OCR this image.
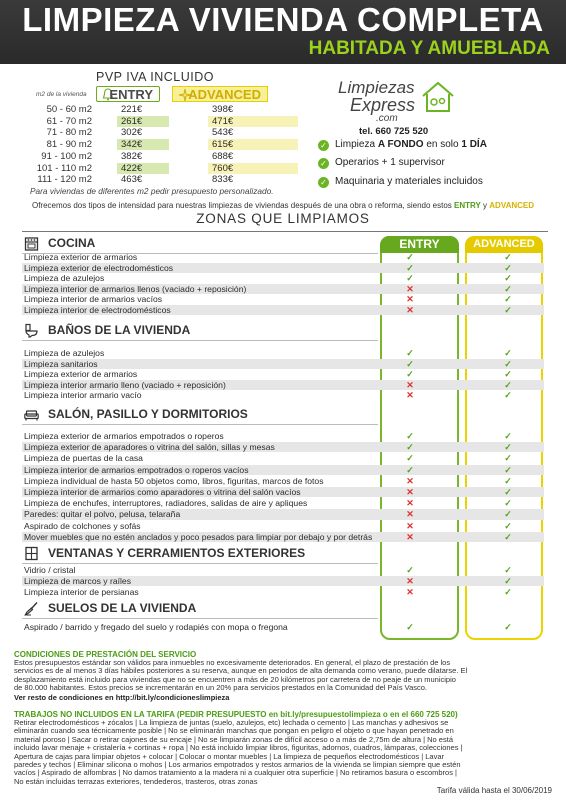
LIMPIEZA VIVIENDA COMPLETA
HABITADA Y AMUEBLADA
PVP IVA INCLUIDO
m2 de la vivienda ENTRY	ADVANCED
50 - 60 m2	221€	398€
61 - 70 m2	261€	471€
71 - 80 m2	302€	543€
81 - 90 m2	342€	615€
91 - 100 m2	382€	688€
101 - 110 m2	422€	760€
111 - 120 m2	463€	833€
Para viviendas de diferentes m2 pedir presupuesto personalizado.
Limpiezas
Express
.com
tel. 660 725 520
✓ Limpieza A FONDO en solo 1 DÍA
✓ Operarios + 1 supervisor
✓ Maquinaria y materiales incluidos
Ofrecemos dos tipos de intensidad para nuestras limpiezas de viviendas después de una obra o reforma, siendo estos ENTRY y ADVANCED
ZONAS QUE LIMPIAMOS
ENTRY	ADVANCED
COCINA
Limpieza exterior de armarios	✓	✓
Limpieza exterior de electrodomésticos	✓	✓
Limpieza de azulejos	✓	✓
Limpieza interior de armarios llenos (vaciado + reposición)	✕	✓
Limpieza interior de armarios vacíos	✕	✓
Limpieza interior de electrodomésticos	✕	✓
BAÑOS DE LA VIVIENDA
Limpieza de azulejos	✓	✓
Limpieza sanitarios	✓	✓
Limpieza exterior de armarios	✓	✓
Limpieza interior armario lleno (vaciado + reposición)	✕	✓
Limpieza interior armario vacío	✕	✓
SALÓN, PASILLO Y DORMITORIOS
Limpieza exterior de armarios empotrados o roperos	✓	✓
Limpieza exterior de aparadores o vitrina del salón, sillas y mesas	✓	✓
Limpieza de puertas de la casa	✓	✓
Limpieza interior de armarios empotrados o roperos vacíos	✓	✓
Limpieza individual de hasta 50 objetos como, libros, figuritas, marcos de fotos	✕	✓
Limpieza interior de armarios como aparadores o vitrina del salón vacíos	✕	✓
Limpieza de enchufes, interruptores, radiadores, salidas de aire y apliques	✕	✓
Paredes: quitar el polvo, pelusa, telaraña	✕	✓
Aspirado de colchones y sofás	✕	✓
Mover muebles que no estén anclados y poco pesados para limpiar por debajo y por detrás	✕	✓
VENTANAS Y CERRAMIENTOS EXTERIORES
Vidrio / cristal	✓	✓
Limpieza de marcos y raíles	✕	✓
Limpieza interior de persianas	✕	✓
SUELOS DE LA VIVIENDA
Aspirado / barrido y fregado del suelo y rodapiés con mopa o fregona	✓	✓
CONDICIONES DE PRESTACIÓN DEL SERVICIO
Estos presupuestos estándar son válidos para inmuebles no excesivamente deteriorados. En general, el plazo de prestación de los
servicios es de al menos 3 días hábiles posteriores a su reserva, aunque en periodos de alta demanda como verano, puede dilatarse. El
desplazamiento está incluido para viviendas que no se encuentren a más de 20 kilómetros por carretera de no peaje de un municipio
de 80.000 habitantes. Estos precios se incrementarán en un 20% para servicios prestados en la Comunidad del País Vasco.
Ver resto de condiciones en http://bit.ly/condicioneslimpieza
TRABAJOS NO INCLUIDOS EN LA TARIFA (PEDIR PRESUPUESTO en bit.ly/presupuestolimpieza o en el 660 725 520)
Retirar electrodomésticos + zócalos | La limpieza de juntas (suelo, azulejos, etc) lechada o cemento | Las manchas y adhesivos se
eliminarán cuando sea técnicamente posible | No se eliminarán manchas que pongan en peligro el objeto o que hayan penetrado en
material poroso | Sacar o retirar cajones de su encaje | No se limpiarán zonas de difícil acceso o a más de 2,75m de altura | No está
incluido lavar menaje + cristalería + cortinas + ropa | No está incluido limpiar libros, figuritas, adornos, cuadros, lámparas, colecciones |
Apertura de cajas para limpiar objetos + colocar | Colocar o montar muebles | La limpieza de pequeños electrodomésticos | Lavar
paredes y techos | Eliminar silicona o mohos | Los armarios empotrados y restos armarios de la vivienda se limpian siempre que estén
vacíos | Aspirado de alfombras | No damos tratamiento a la madera ni a cualquier otra superficie | No retiramos basura o escombros |
No están incluidas terrazas exteriores, tendederos, trasteros, otras zonas
Tarifa válida hasta el 30/06/2019
